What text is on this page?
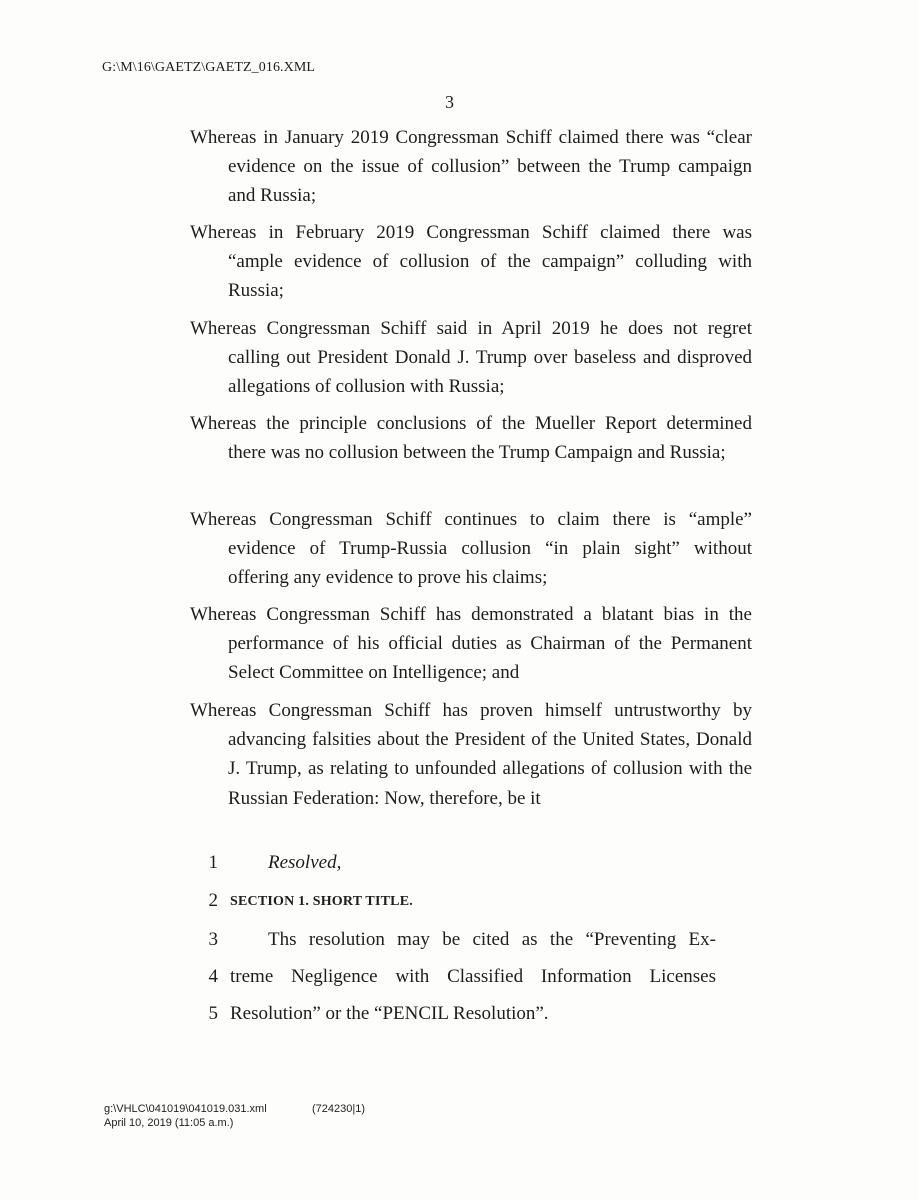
G:\M\16\GAETZ\GAETZ_016.XML
3

Whereas in January 2019 Congressman Schiff claimed there was “clear evidence on the issue of collusion” between the Trump campaign and Russia;

Whereas in February 2019 Congressman Schiff claimed there was “ample evidence of collusion of the campaign” colluding with Russia;

Whereas Congressman Schiff said in April 2019 he does not regret calling out President Donald J. Trump over baseless and disproved allegations of collusion with Russia;

Whereas the principle conclusions of the Mueller Report determined there was no collusion between the Trump Campaign and Russia;

Whereas Congressman Schiff continues to claim there is “ample” evidence of Trump-Russia collusion “in plain sight” without offering any evidence to prove his claims;

Whereas Congressman Schiff has demonstrated a blatant bias in the performance of his official duties as Chairman of the Permanent Select Committee on Intelligence; and

Whereas Congressman Schiff has proven himself untrustworthy by advancing falsities about the President of the United States, Donald J. Trump, as relating to unfounded allegations of collusion with the Russian Federation: Now, therefore, be it

1	Resolved,
2 SECTION 1. SHORT TITLE.
3	Ths resolution may be cited as the “Preventing Ex-
4 treme Negligence with Classified Information Licenses
5 Resolution” or the “PENCIL Resolution”.
g:\VHLC\041019\041019.031.xml	(724230|1)
April 10, 2019 (11:05 a.m.)
